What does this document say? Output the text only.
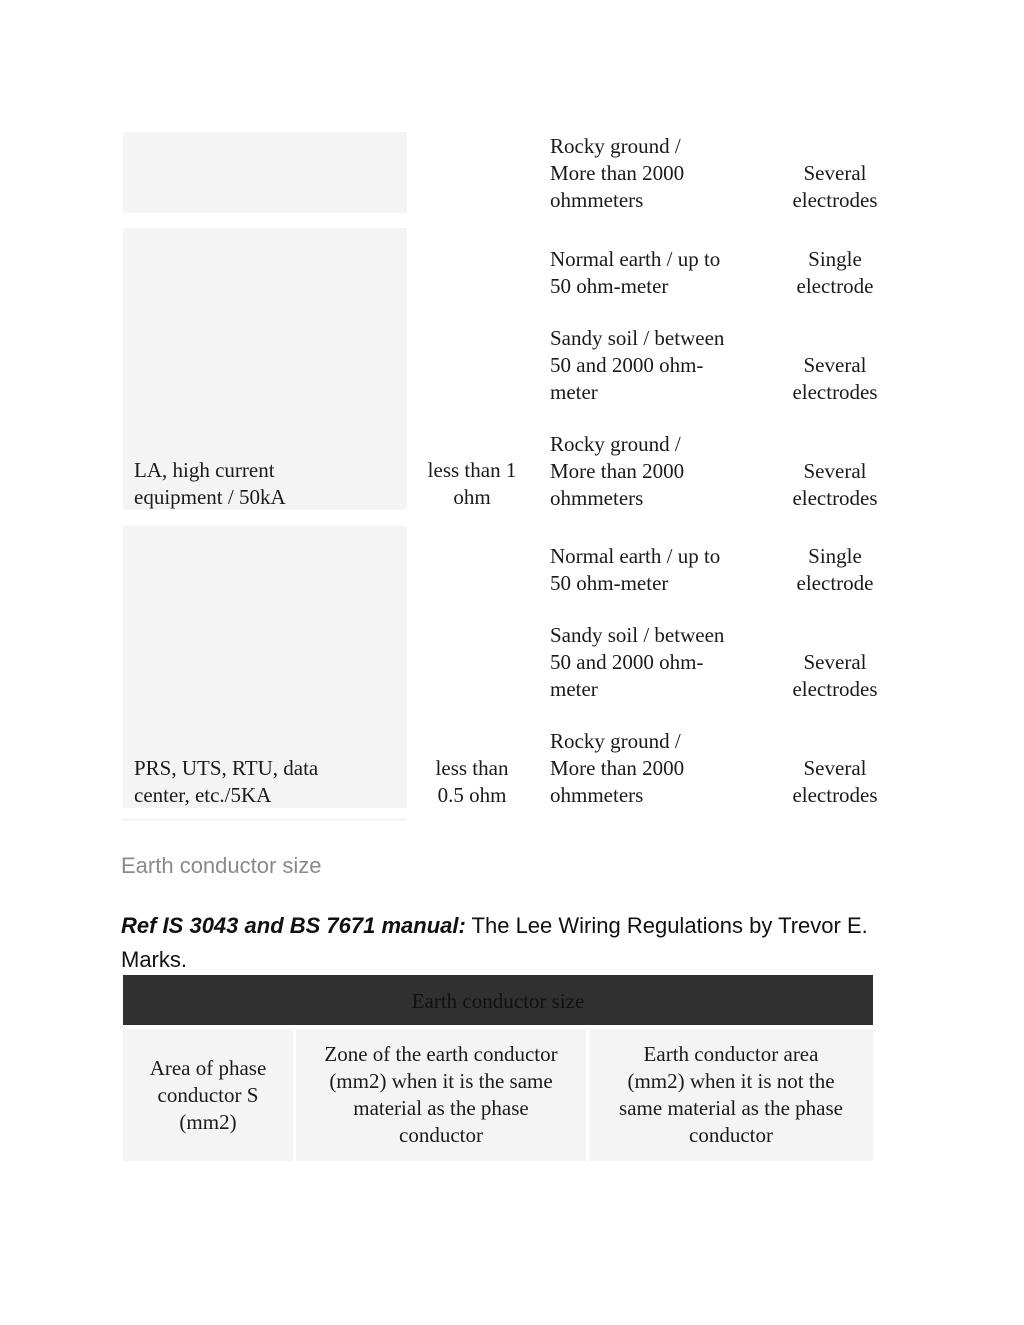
Rocky ground /
More than 2000
ohmmeters
Several
electrodes
LA, high current
equipment / 50kA
less than 1
ohm
Normal earth / up to
50 ohm-meter
Single
electrode
Sandy soil / between
50 and 2000 ohm-
meter
Several
electrodes
Rocky ground /
More than 2000
ohmmeters
Several
electrodes
PRS, UTS, RTU, data
center, etc./5KA
less than
0.5 ohm
Normal earth / up to
50 ohm-meter
Single
electrode
Sandy soil / between
50 and 2000 ohm-
meter
Several
electrodes
Rocky ground /
More than 2000
ohmmeters
Several
electrodes
Earth conductor size
Ref IS 3043 and BS 7671 manual: The Lee Wiring Regulations by Trevor E. Marks.
Earth conductor size
Area of phase
conductor S
(mm2)
Zone of the earth conductor
(mm2) when it is the same
material as the phase
conductor
Earth conductor area
(mm2) when it is not the
same material as the phase
conductor
